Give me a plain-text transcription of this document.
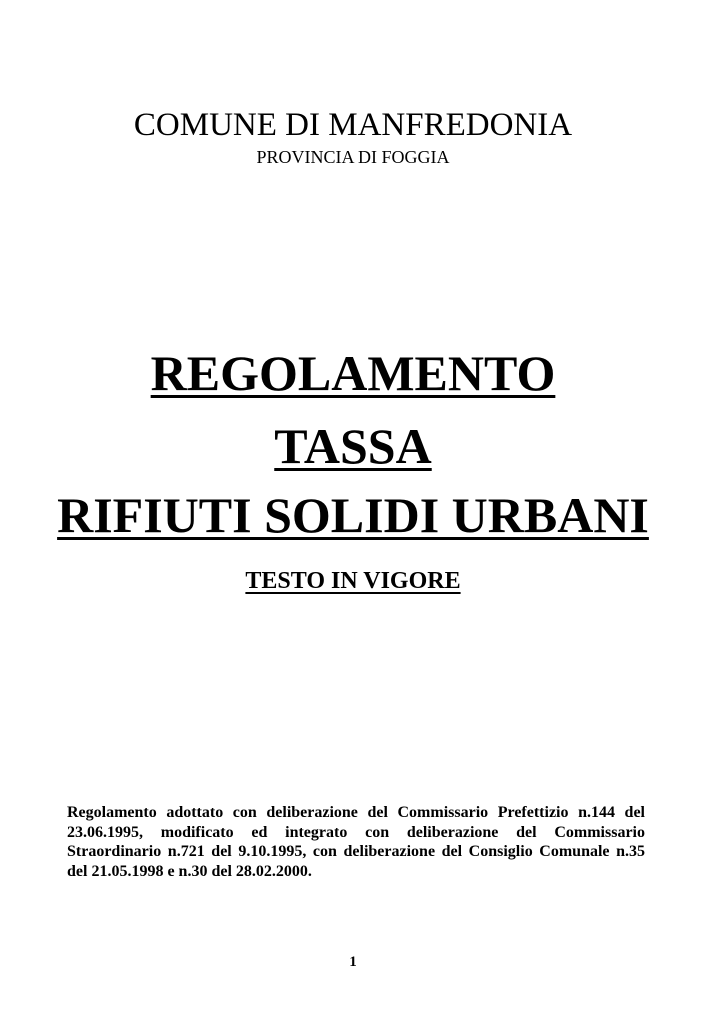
COMUNE DI MANFREDONIA
PROVINCIA DI FOGGIA
REGOLAMENTO
TASSA
RIFIUTI SOLIDI URBANI
TESTO IN VIGORE
Regolamento adottato con deliberazione del Commissario Prefettizio n.144 del 23.06.1995, modificato ed integrato con deliberazione del Commissario Straordinario n.721 del 9.10.1995, con deliberazione del Consiglio Comunale n.35 del 21.05.1998 e n.30 del 28.02.2000.
1
